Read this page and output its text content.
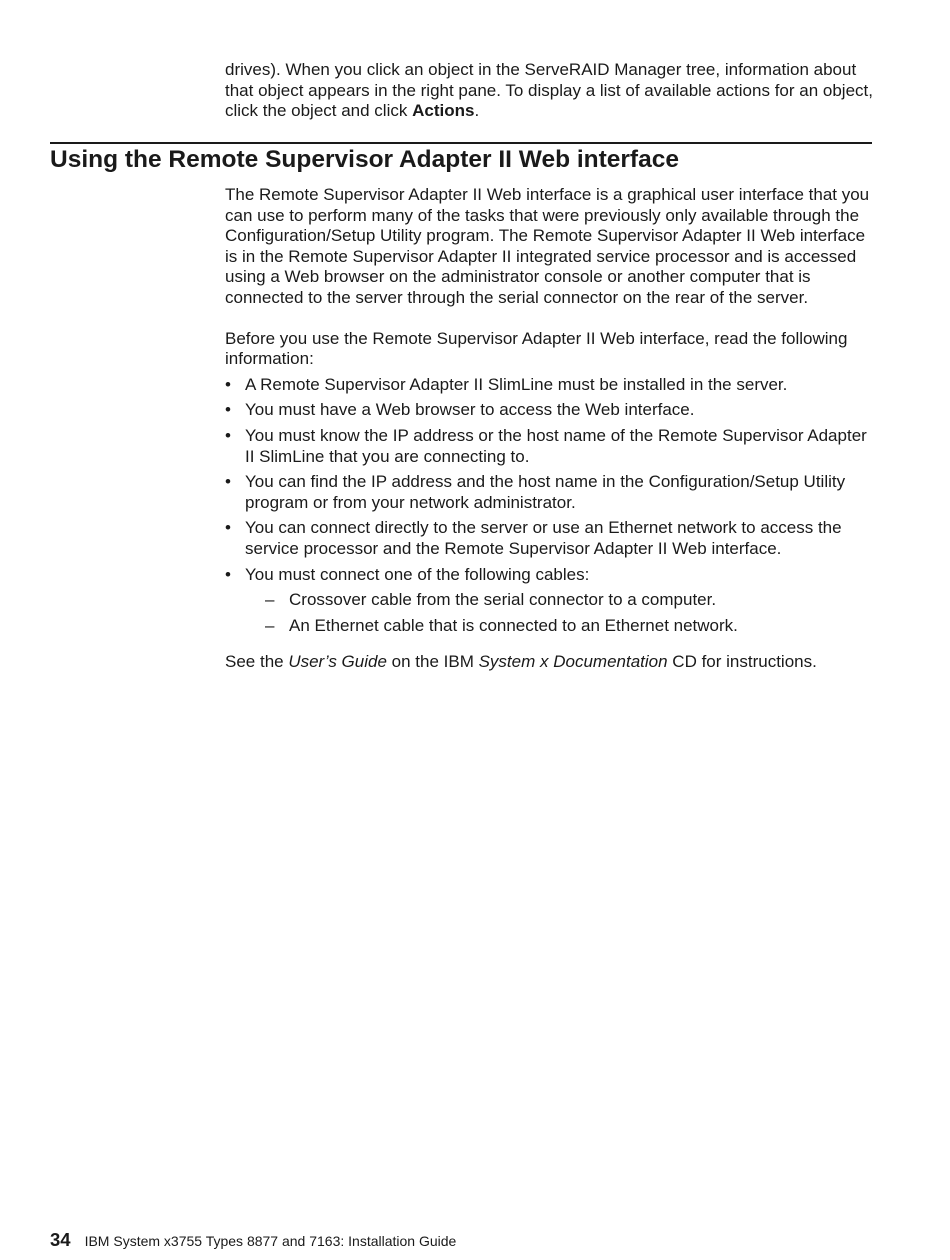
drives). When you click an object in the ServeRAID Manager tree, information about that object appears in the right pane. To display a list of available actions for an object, click the object and click Actions.

Using the Remote Supervisor Adapter II Web interface

The Remote Supervisor Adapter II Web interface is a graphical user interface that you can use to perform many of the tasks that were previously only available through the Configuration/Setup Utility program. The Remote Supervisor Adapter II Web interface is in the Remote Supervisor Adapter II integrated service processor and is accessed using a Web browser on the administrator console or another computer that is connected to the server through the serial connector on the rear of the server.

Before you use the Remote Supervisor Adapter II Web interface, read the following information:

• A Remote Supervisor Adapter II SlimLine must be installed in the server.
• You must have a Web browser to access the Web interface.
• You must know the IP address or the host name of the Remote Supervisor Adapter II SlimLine that you are connecting to.
• You can find the IP address and the host name in the Configuration/Setup Utility program or from your network administrator.
• You can connect directly to the server or use an Ethernet network to access the service processor and the Remote Supervisor Adapter II Web interface.
• You must connect one of the following cables:
– Crossover cable from the serial connector to a computer.
– An Ethernet cable that is connected to an Ethernet network.

See the User’s Guide on the IBM System x Documentation CD for instructions.

34 IBM System x3755 Types 8877 and 7163: Installation Guide
